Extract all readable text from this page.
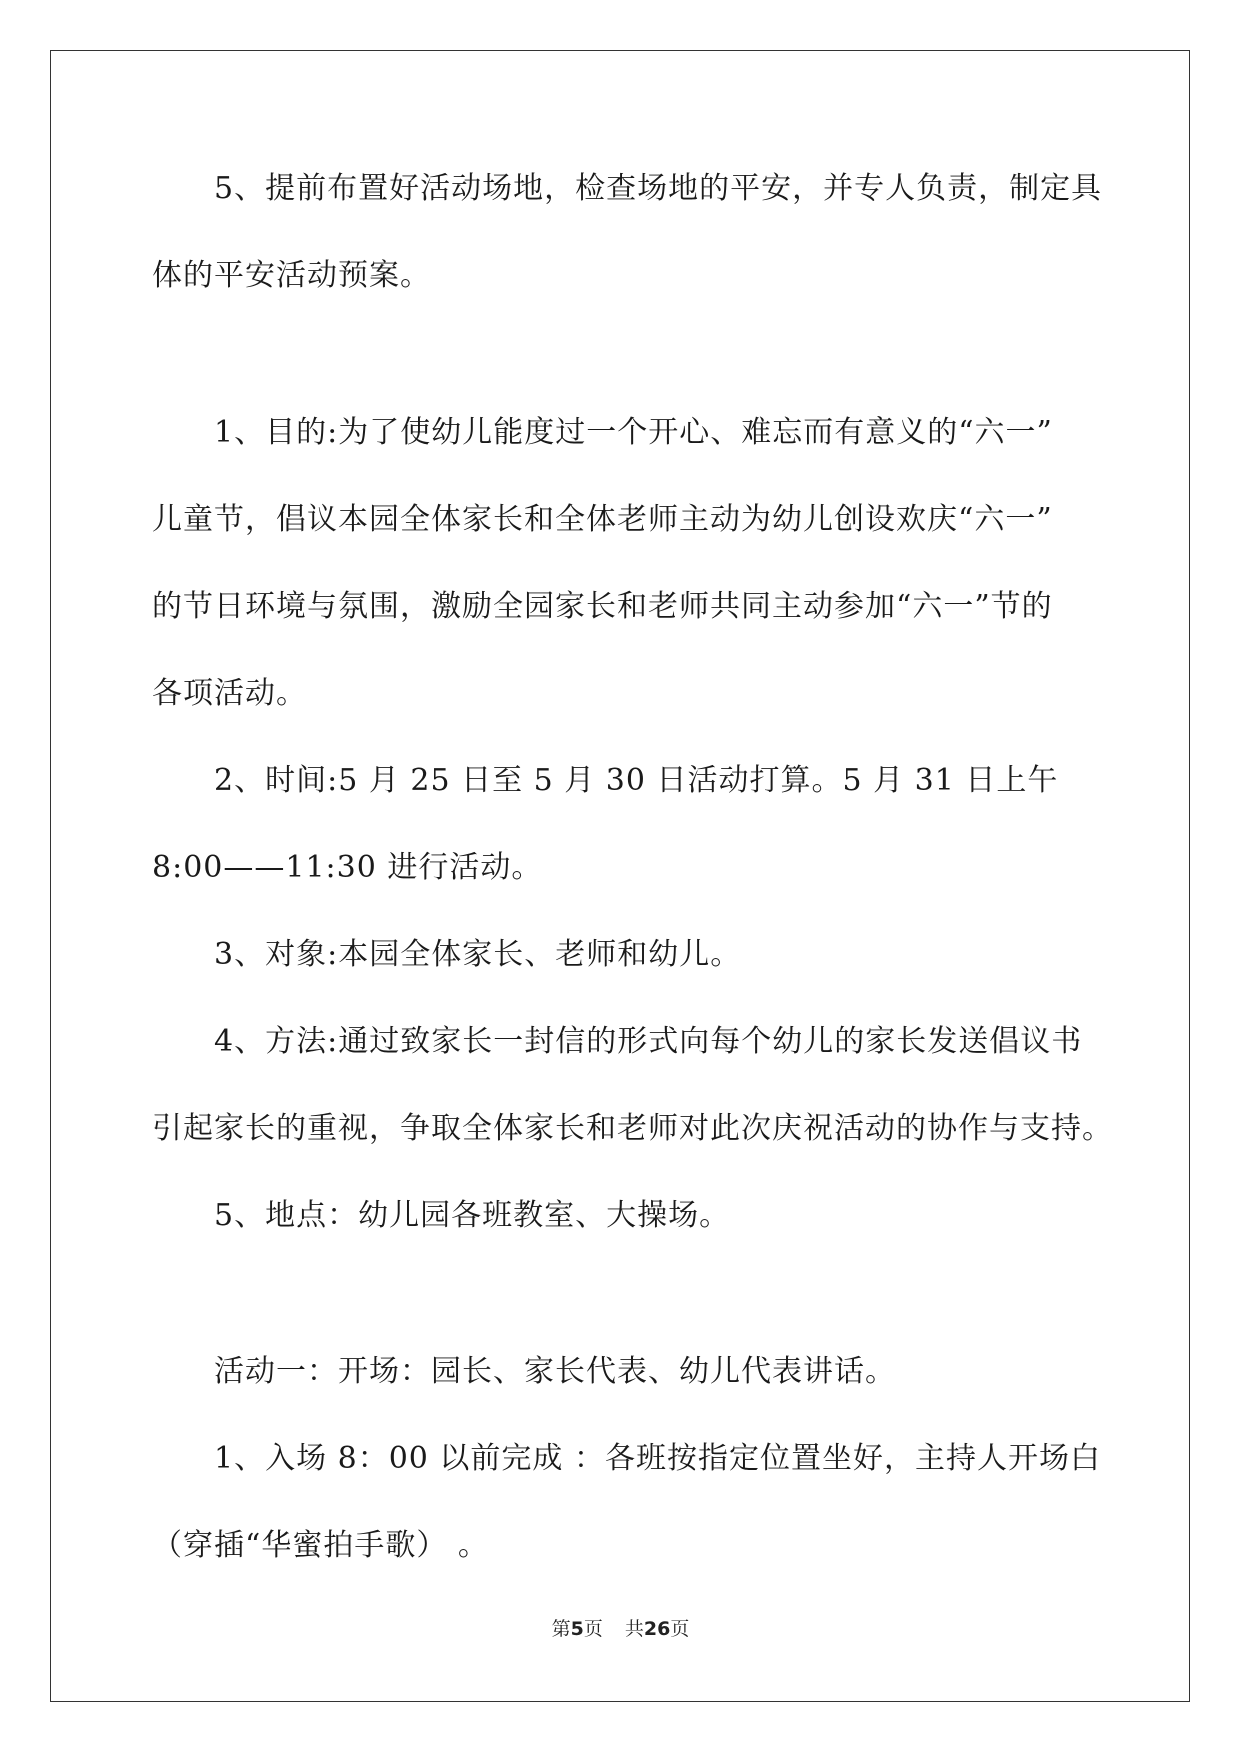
5、提前布置好活动场地，检查场地的平安，并专人负责，制定具
体的平安活动预案。
1、目的:为了使幼儿能度过一个开心、难忘而有意义的“六一”
儿童节，倡议本园全体家长和全体老师主动为幼儿创设欢庆“六一”
的节日环境与氛围，激励全园家长和老师共同主动参加“六一”节的
各项活动。
2、时间:5 月 25 日至 5 月 30 日活动打算。5 月 31 日上午
8:00——11:30 进行活动。
3、对象:本园全体家长、老师和幼儿。
4、方法:通过致家长一封信的形式向每个幼儿的家长发送倡议书
引起家长的重视，争取全体家长和老师对此次庆祝活动的协作与支持。
5、地点：幼儿园各班教室、大操场。
活动一：开场：园长、家长代表、幼儿代表讲话。
1、入场 8：00 以前完成 ：各班按指定位置坐好，主持人开场白
（穿插“华蜜拍手歌） 。
第5页 共26页
